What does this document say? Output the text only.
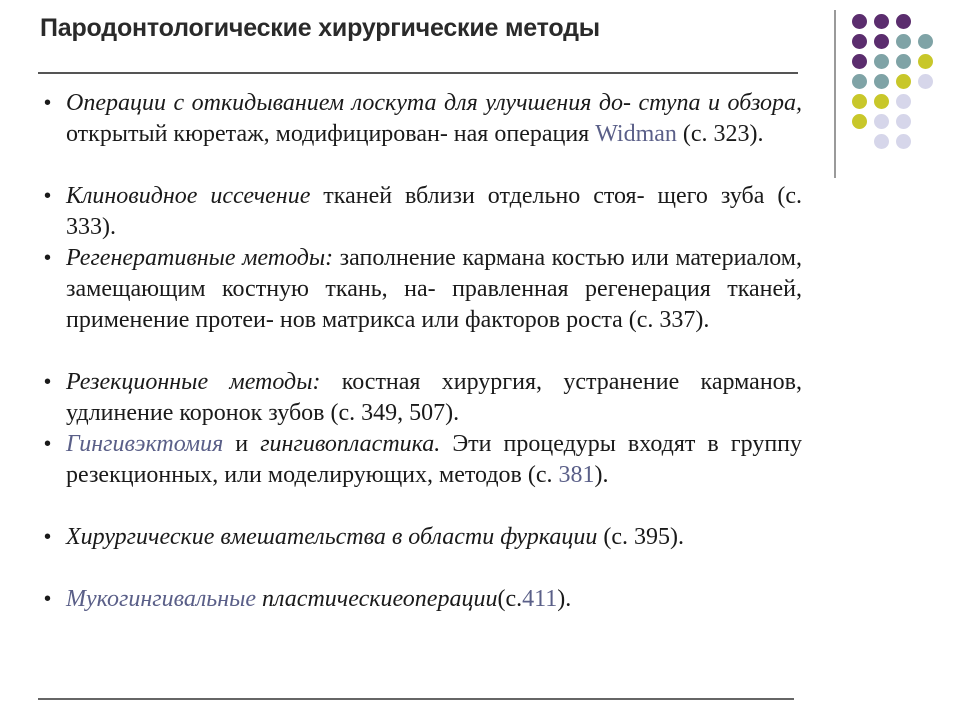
Пародонтологические хирургические методы
• Операции с откидыванием лоскута для улучшения до- ступа и обзора, открытый кюретаж, модифицирован- ная операция Widman (с. 323).
• Клиновидное иссечение тканей вблизи отдельно стоя- щего зуба (с. 333).
• Регенеративные методы: заполнение кармана костью или материалом, замещающим костную ткань, на- правленная регенерация тканей, применение протеи- нов матрикса или факторов роста (с. 337).
• Резекционные методы: костная хирургия, устранение карманов, удлинение коронок зубов (с. 349, 507).
• Гингивэктомия и гингивопластика. Эти процедуры входят в группу резекционных, или моделирующих, методов (с. 381).
• Хирургические вмешательства в области фуркации (с. 395).
• Мукогингивальные пластическиеоперации(с.411).
